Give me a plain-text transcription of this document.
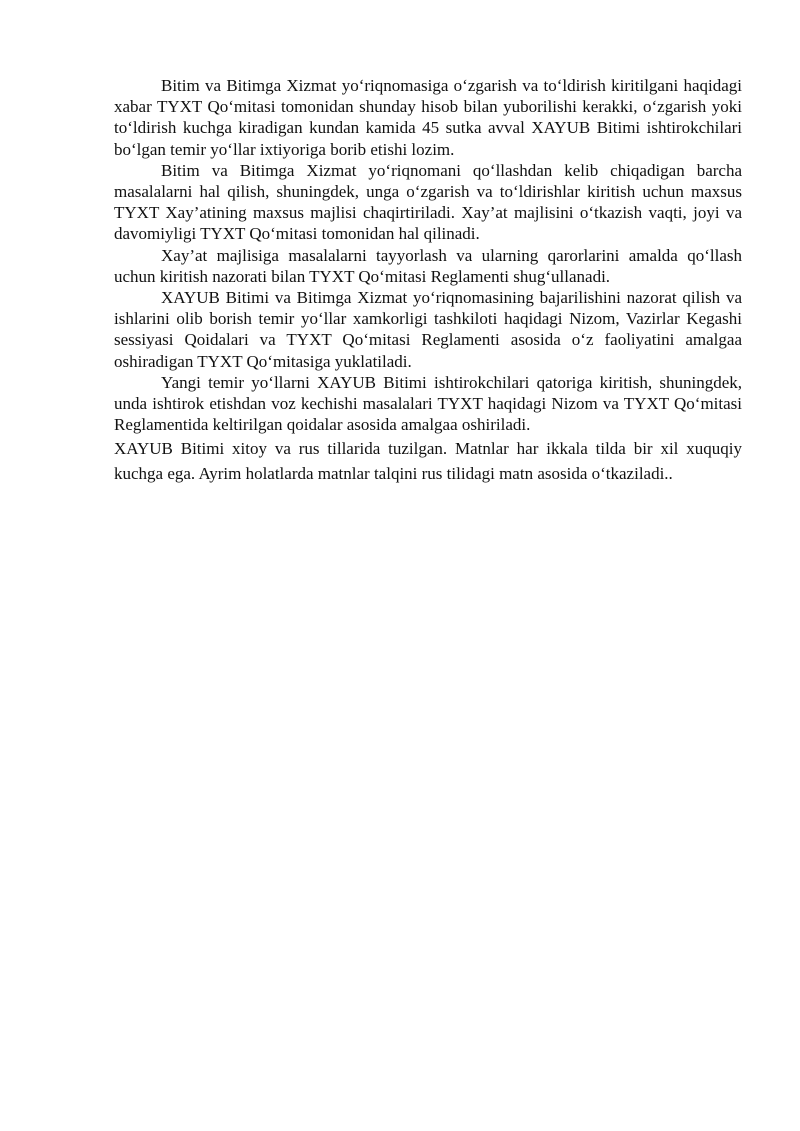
Bitim va Bitimga Xizmat yo‘riqnomasiga o‘zgarish va to‘ldirish kiritilgani haqidagi xabar TYXT Qo‘mitasi tomonidan shunday hisob bilan yuborilishi kerakki, o‘zgarish yoki to‘ldirish kuchga kiradigan kundan kamida 45 sutka avval XAYUB Bitimi ishtirokchilari bo‘lgan temir yo‘llar ixtiyoriga borib etishi lozim.

Bitim va Bitimga Xizmat yo‘riqnomani qo‘llashdan kelib chiqadigan barcha masalalarni hal qilish, shuningdek, unga o‘zgarish va to‘ldirishlar kiritish uchun maxsus TYXT Xay’atining maxsus majlisi chaqirtiriladi. Xay’at majlisini o‘tkazish vaqti, joyi va davomiyligi TYXT Qo‘mitasi tomonidan hal qilinadi.

Xay’at majlisiga masalalarni tayyorlash va ularning qarorlarini amalda qo‘llash uchun kiritish nazorati bilan TYXT Qo‘mitasi Reglamenti shug‘ullanadi.

XAYUB Bitimi va Bitimga Xizmat yo‘riqnomasining bajarilishini nazorat qilish va ishlarini olib borish temir yo‘llar xamkorligi tashkiloti haqidagi Nizom, Vazirlar Kegashi sessiyasi Qoidalari va TYXT Qo‘mitasi Reglamenti asosida o‘z faoliyatini amalgaa oshiradigan TYXT Qo‘mitasiga yuklatiladi.

Yangi temir yo‘llarni XAYUB Bitimi ishtirokchilari qatoriga kiritish, shuningdek, unda ishtirok etishdan voz kechishi masalalari TYXT haqidagi Nizom va TYXT Qo‘mitasi Reglamentida keltirilgan qoidalar asosida amalgaa oshiriladi.

XAYUB Bitimi xitoy va rus tillarida tuzilgan. Matnlar har ikkala tilda bir xil xuquqiy kuchga ega. Ayrim holatlarda matnlar talqini rus tilidagi matn asosida o‘tkaziladi..
